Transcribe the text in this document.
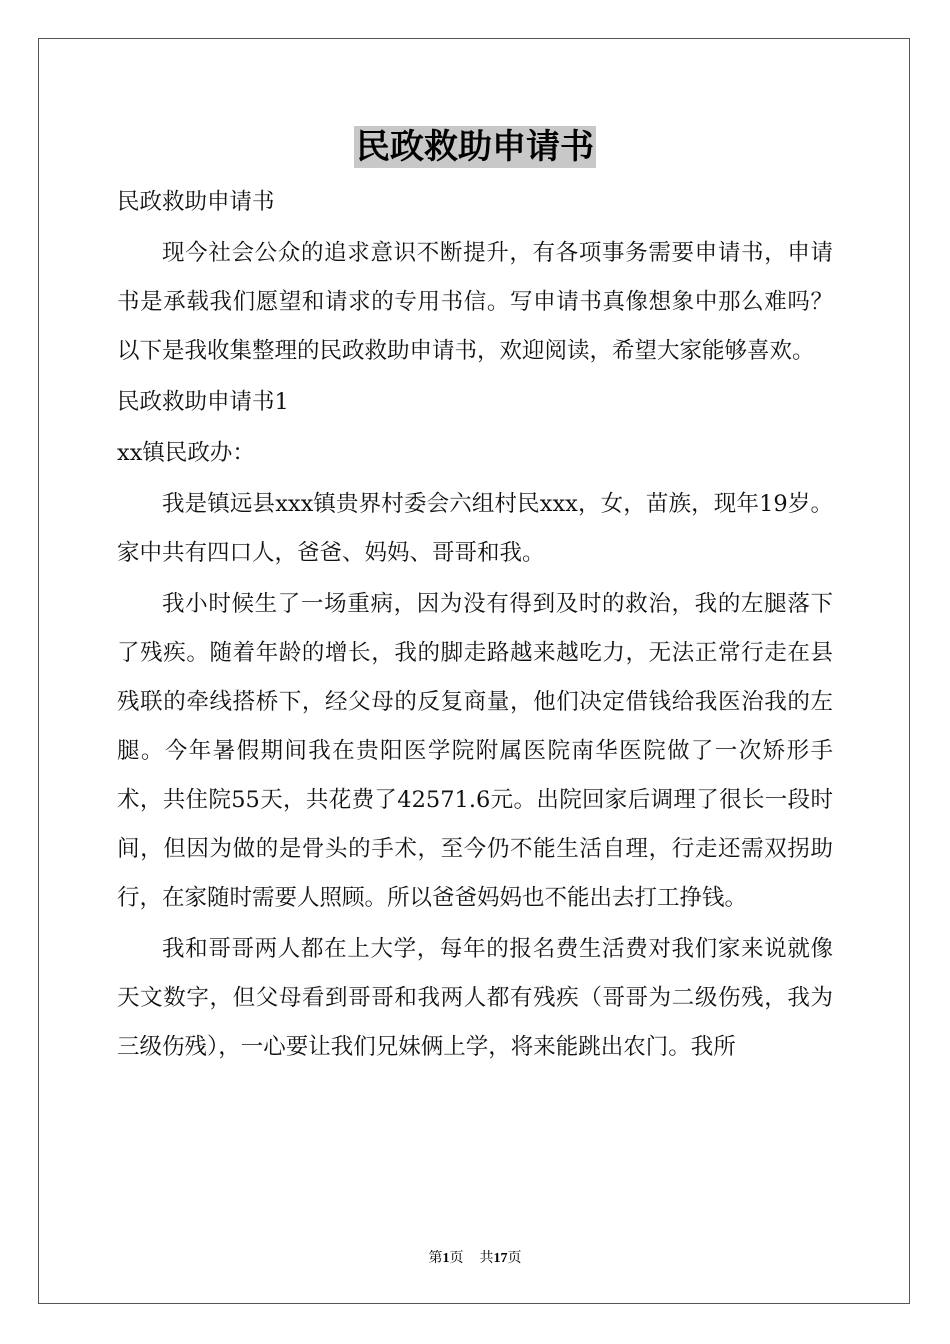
民政救助申请书

民政救助申请书

现今社会公众的追求意识不断提升，有各项事务需要申请书，申请书是承载我们愿望和请求的专用书信。写申请书真像想象中那么难吗？以下是我收集整理的民政救助申请书，欢迎阅读，希望大家能够喜欢。

民政救助申请书1

xx镇民政办：

我是镇远县xxx镇贵界村委会六组村民xxx，女，苗族，现年19岁。家中共有四口人，爸爸、妈妈、哥哥和我。

我小时候生了一场重病，因为没有得到及时的救治，我的左腿落下了残疾。随着年龄的增长，我的脚走路越来越吃力，无法正常行走在县残联的牵线搭桥下，经父母的反复商量，他们决定借钱给我医治我的左腿。今年暑假期间我在贵阳医学院附属医院南华医院做了一次矫形手术，共住院55天，共花费了42571.6元。出院回家后调理了很长一段时间，但因为做的是骨头的手术，至今仍不能生活自理，行走还需双拐助行，在家随时需要人照顾。所以爸爸妈妈也不能出去打工挣钱。

我和哥哥两人都在上大学，每年的报名费生活费对我们家来说就像天文数字，但父母看到哥哥和我两人都有残疾（哥哥为二级伤残，我为三级伤残），一心要让我们兄妹俩上学，将来能跳出农门。我所

第1页 共17页
